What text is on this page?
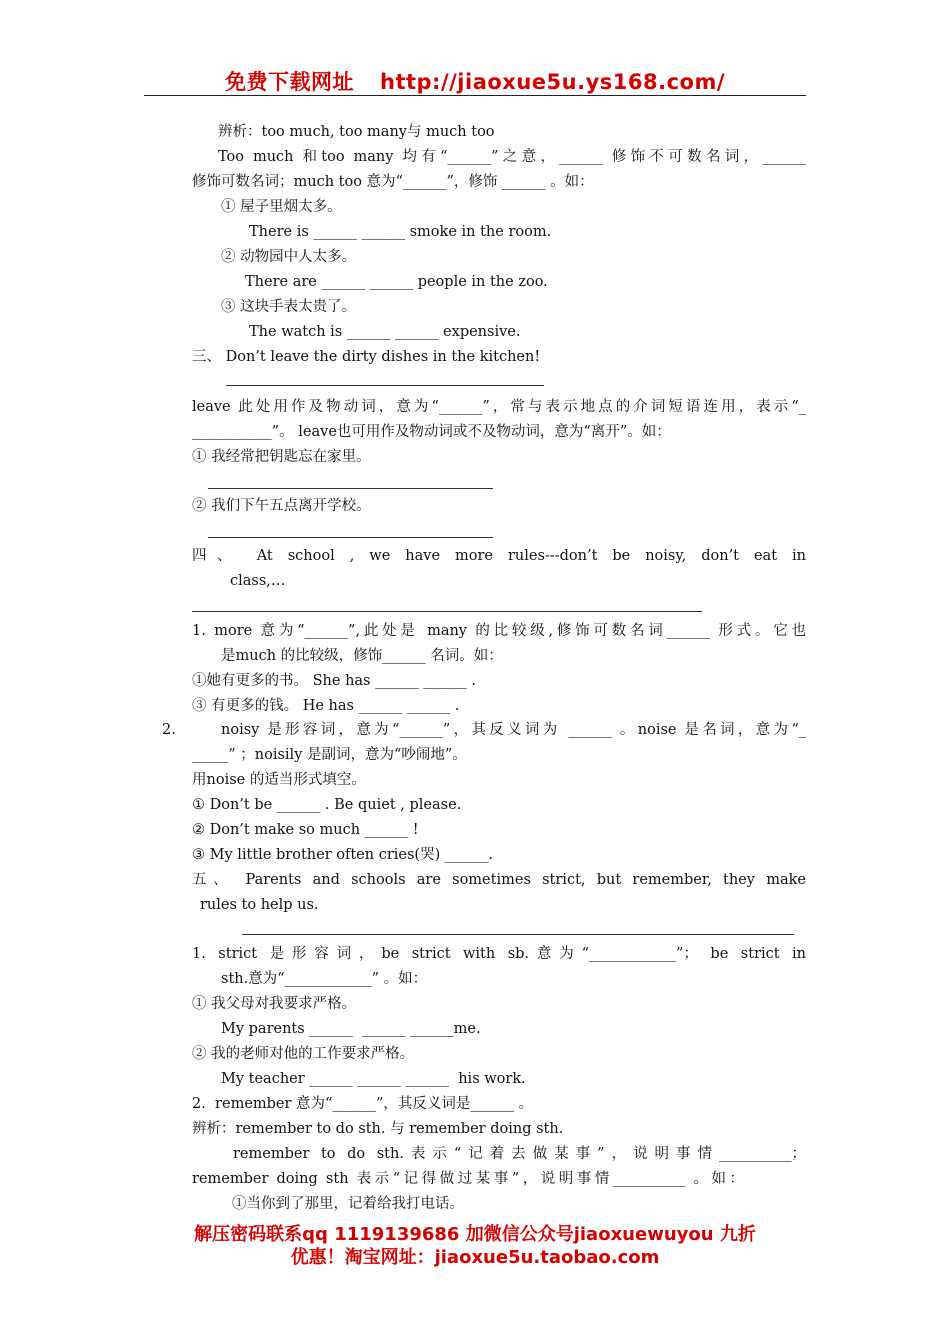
免费下载网址 http://jiaoxue5u.ys168.com/
辨析：too much, too many与 much too
Too much 和too many 均有“______”之意，______ 修饰不可数名词，______
修饰可数名词；much too 意为“______”，修饰 ______ 。如：
① 屋子里烟太多。
There is ______ ______ smoke in the room.
② 动物园中人太多。
There are ______ ______ people in the zoo.
③ 这块手表太贵了。
The watch is ______ ______ expensive.
三、 Don’t leave the dirty dishes in the kitchen!
leave 此处用作及物动词，意为“______”，常与表示地点的介词短语连用，表示“_
___________”。 leave也可用作及物动词或不及物动词，意为“离开”。如：
① 我经常把钥匙忘在家里。
② 我们下午五点离开学校。
四、 At school , we have more rules---don’t be noisy, don’t eat in
class,…
1. more 意为“______”,此处是 many 的比较级,修饰可数名词______ 形式。它也
是much 的比较级，修饰______ 名词。如：
①她有更多的书。 She has ______ ______ .
③ 有更多的钱。 He has ______ ______ .
2.	noisy 是形容词，意为“______”，其反义词为 ______ 。noise 是名词，意为“_
_____” ；noisily 是副词，意为“吵闹地”。
用noise 的适当形式填空。
① Don’t be ______ . Be quiet , please.
② Don’t make so much ______ !
③ My little brother often cries(哭) ______.
五、 Parents and schools are sometimes strict, but remember, they make
rules to help us.
1. strict 是形容词，be strict with sb.意为“____________”； be strict in
sth.意为“____________” 。如：
① 我父母对我要求严格。
My parents ______  ______ ______me.
② 我的老师对他的工作要求严格。
My teacher ______ ______ ______  his work.
2.  remember 意为“______”，其反义词是______ 。
辨析：remember to do sth. 与 remember doing sth.
remember to do sth.表示“记着去做某事”，说明事情__________；
remember doing sth 表示“记得做过某事”，说明事情__________ 。如：
①当你到了那里，记着给我打电话。
解压密码联系qq 1119139686 加微信公众号jiaoxuewuyou 九折
优惠！淘宝网址：jiaoxue5u.taobao.com
